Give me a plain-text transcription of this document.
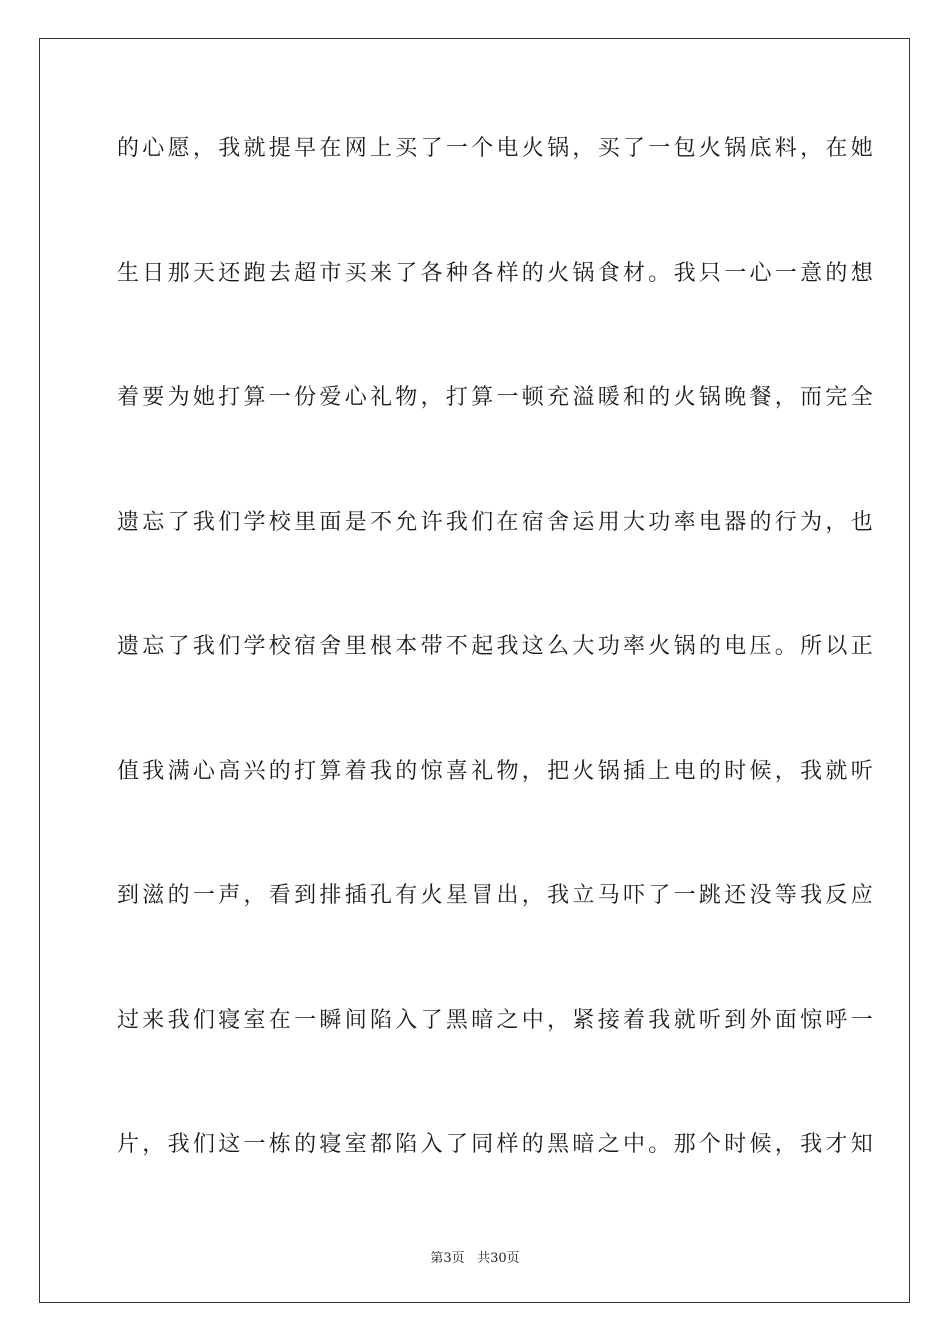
的心愿，我就提早在网上买了一个电火锅，买了一包火锅底料，在她

生日那天还跑去超市买来了各种各样的火锅食材。我只一心一意的想

着要为她打算一份爱心礼物，打算一顿充溢暖和的火锅晚餐，而完全

遗忘了我们学校里面是不允许我们在宿舍运用大功率电器的行为，也

遗忘了我们学校宿舍里根本带不起我这么大功率火锅的电压。所以正

值我满心高兴的打算着我的惊喜礼物，把火锅插上电的时候，我就听

到滋的一声，看到排插孔有火星冒出，我立马吓了一跳还没等我反应

过来我们寝室在一瞬间陷入了黑暗之中，紧接着我就听到外面惊呼一

片，我们这一栋的寝室都陷入了同样的黑暗之中。那个时候，我才知

第3页 共30页
